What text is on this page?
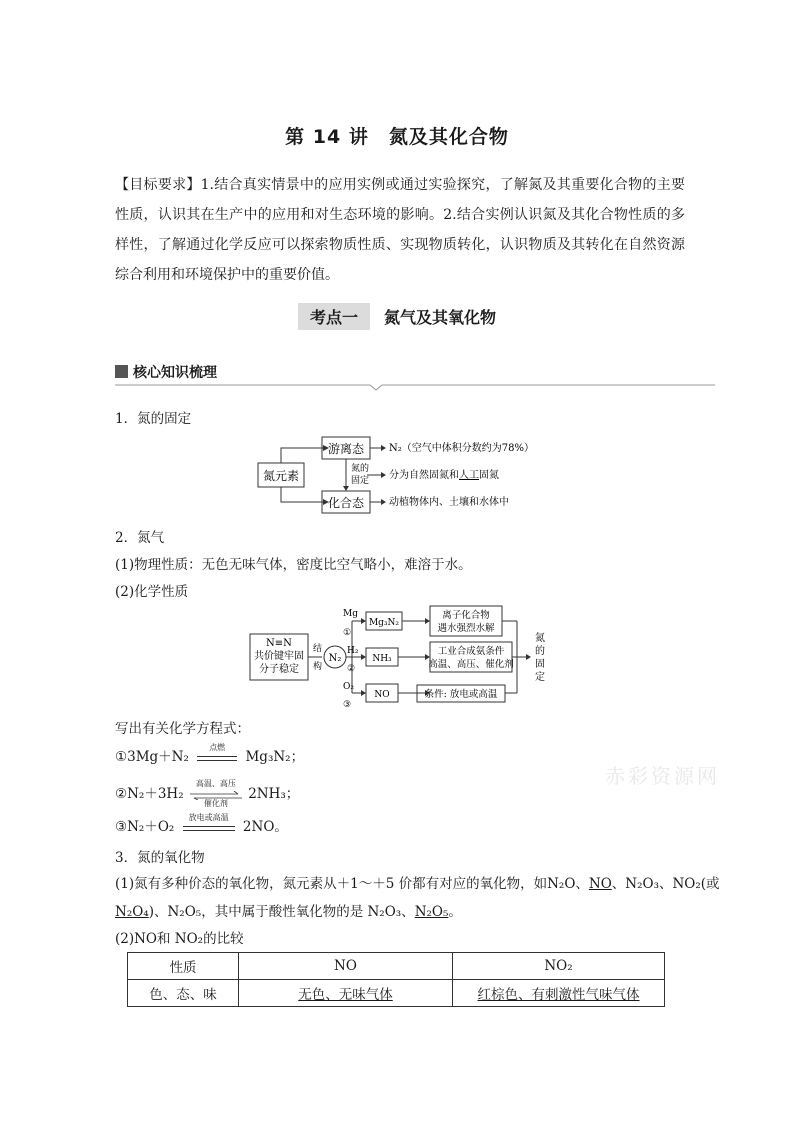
第 14 讲　氮及其化合物
【目标要求】1.结合真实情景中的应用实例或通过实验探究，了解氮及其重要化合物的主要性质，认识其在生产中的应用和对生态环境的影响。2.结合实例认识氮及其化合物性质的多样性，了解通过化学反应可以探索物质性质、实现物质转化，认识物质及其转化在自然资源综合利用和环境保护中的重要价值。
考点一 氮气及其氧化物
核心知识梳理
1．氮的固定
氮元素
游离态
化合态
氮的
固定
N₂（空气中体积分数约为78%）
分为自然固氮和人工固氮
动植物体内、土壤和水体中
2．氮气
(1)物理性质：无色无味气体，密度比空气略小，难溶于水。
(2)化学性质
N≡N
共价键牢固
分子稳定
结
构
N₂
Mg
①
H₂
②
O₂
③
Mg₃N₂
NH₃
NO
离子化合物
遇水强烈水解
工业合成氨条件
高温、高压、催化剂
条件: 放电或高温
氮
的
固
定
写出有关化学方程式：
①3Mg＋N₂
点燃
Mg₃N₂；
②N₂＋3H₂
高温、高压
催化剂
2NH₃；
③N₂＋O₂
放电或高温
2NO。
3．氮的氧化物
(1)氮有多种价态的氧化物，氮元素从＋1～＋5 价都有对应的氧化物，如N₂O、NO、N₂O₃、NO₂(或
N₂O₄)、N₂O₅，其中属于酸性氧化物的是 N₂O₃、N₂O₅。
(2)NO和 NO₂的比较
性质	NO	NO₂
色、态、味	无色、无味气体	红棕色、有刺激性气味气体
赤彩资源网
